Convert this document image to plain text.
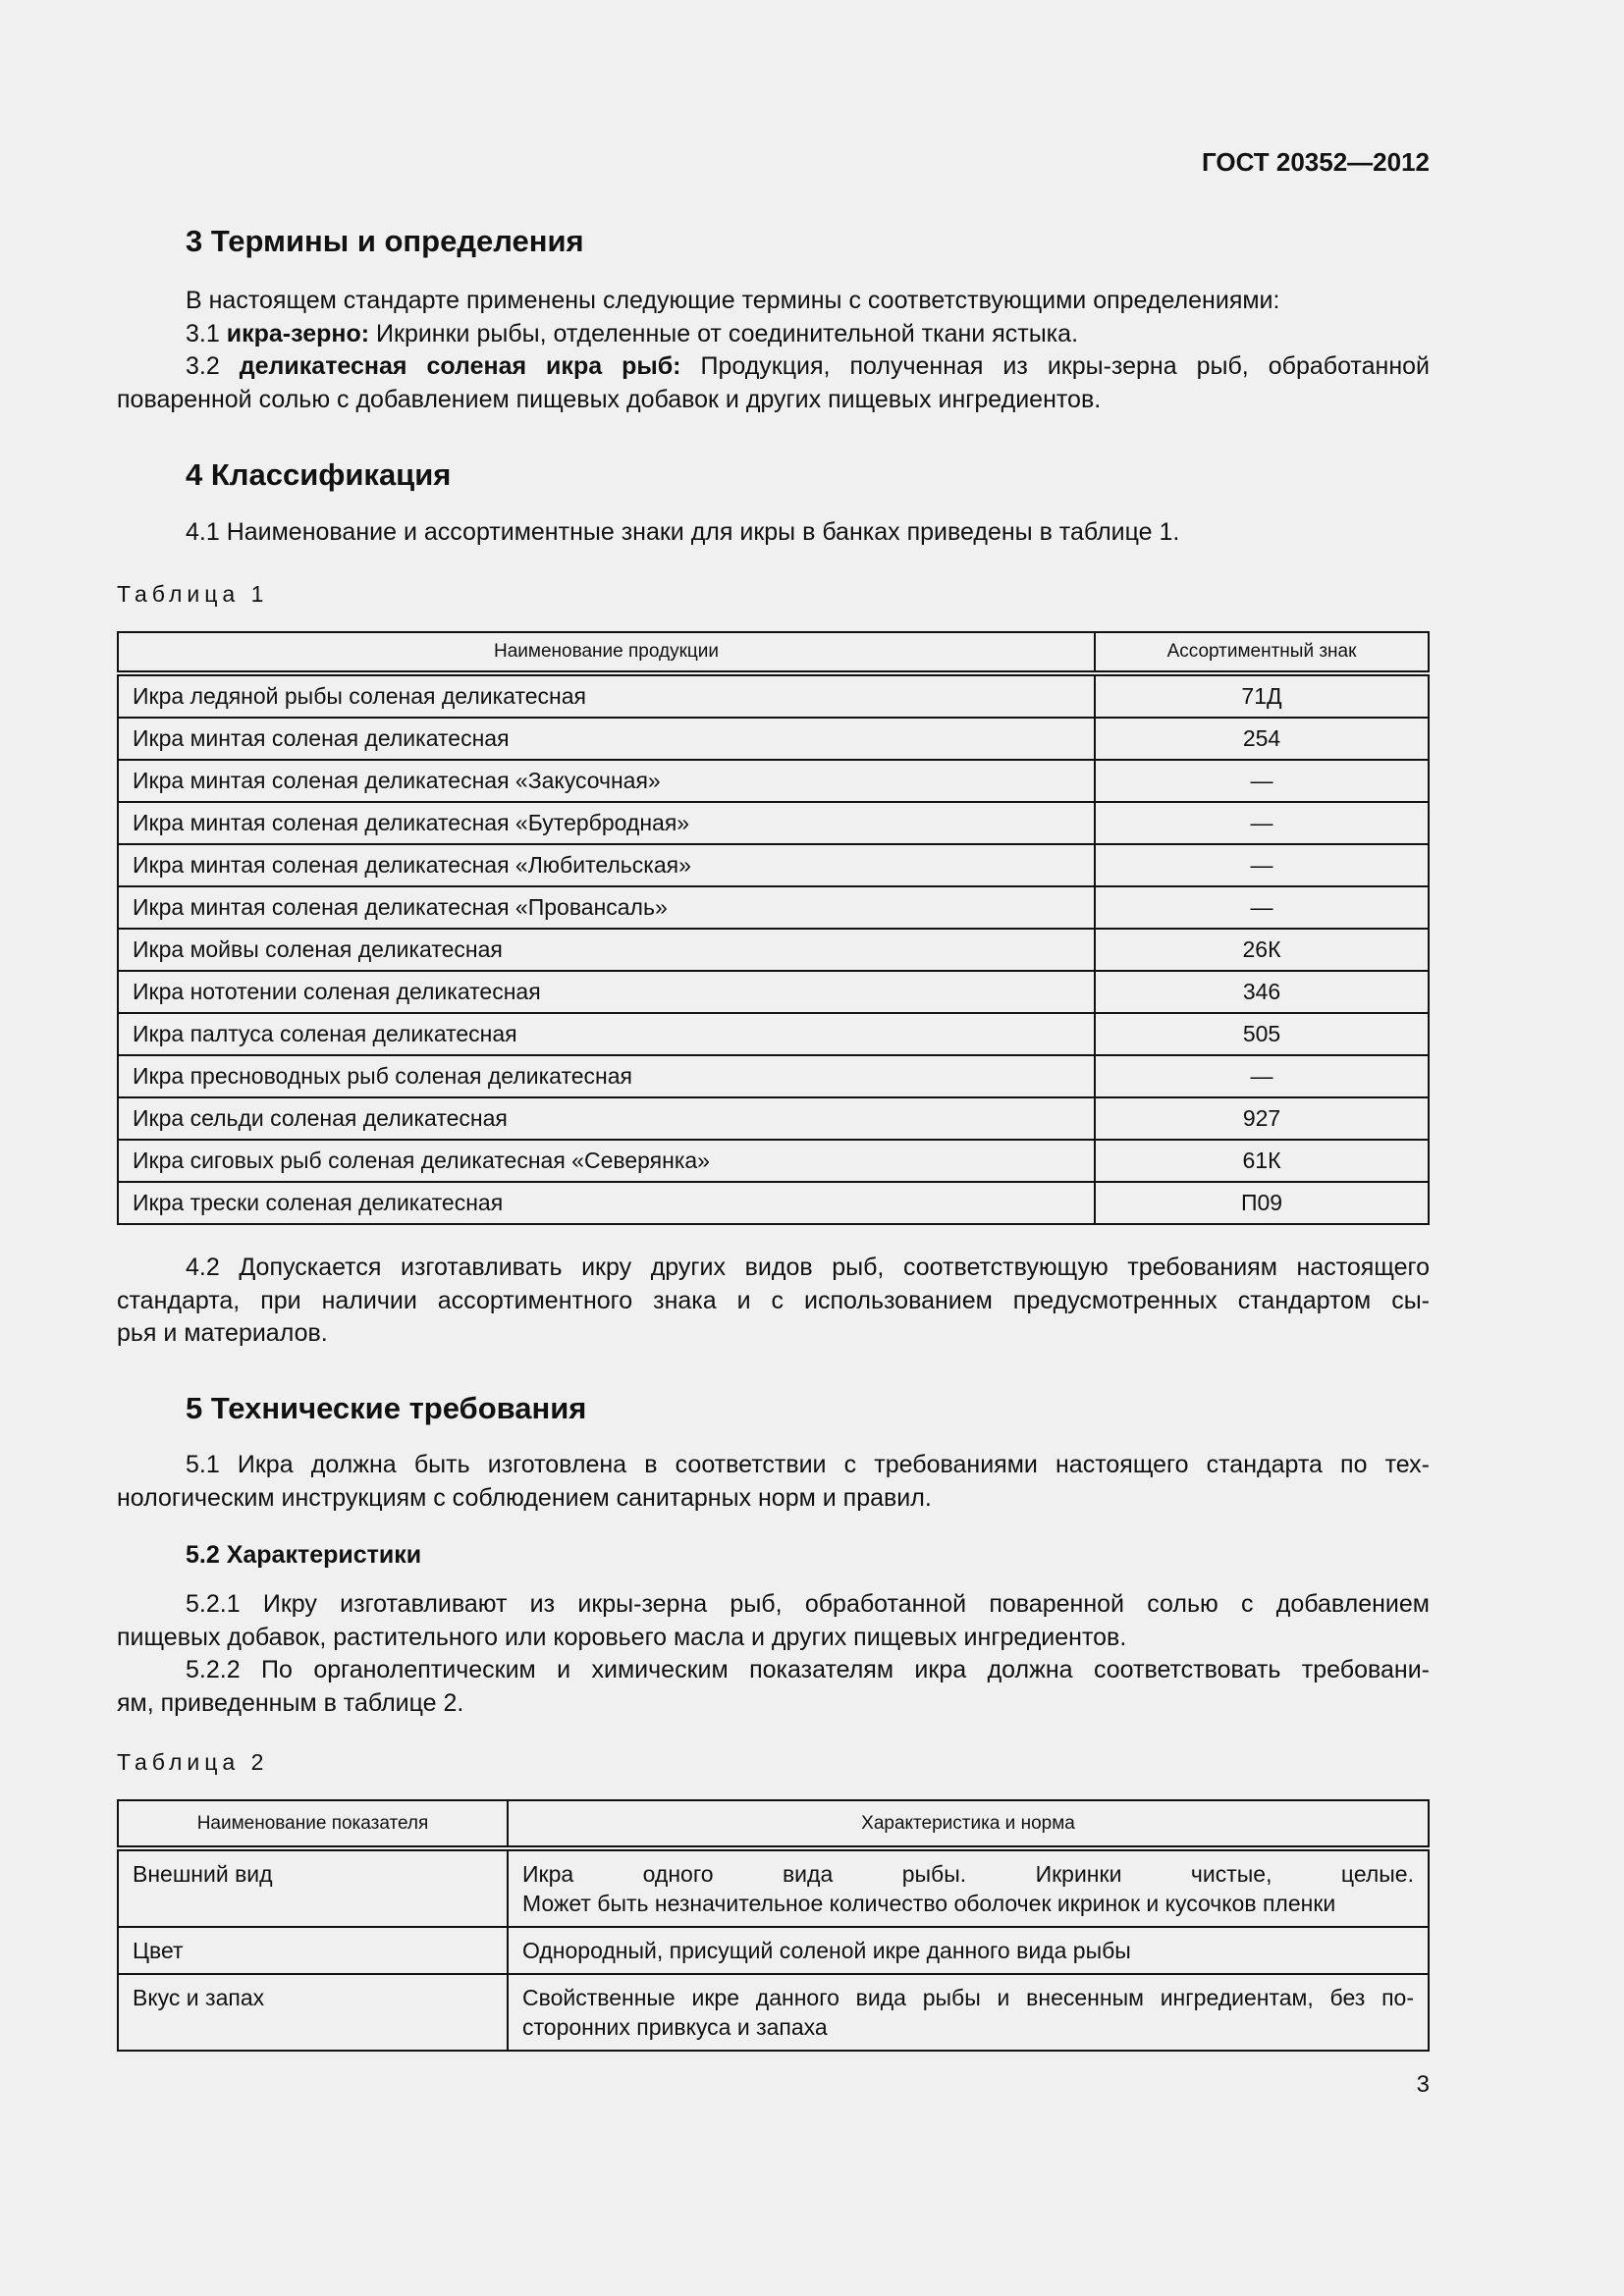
ГОСТ 20352—2012
3 Термины и определения
В настоящем стандарте применены следующие термины с соответствующими определениями:
3.1 икра-зерно: Икринки рыбы, отделенные от соединительной ткани ястыка.
3.2 деликатесная соленая икра рыб: Продукция, полученная из икры-зерна рыб, обработанной
поваренной солью с добавлением пищевых добавок и других пищевых ингредиентов.
4 Классификация
4.1 Наименование и ассортиментные знаки для икры в банках приведены в таблице 1.
Таблица 1
Наименование продукции	Ассортиментный знак
Икра ледяной рыбы соленая деликатесная	71Д
Икра минтая соленая деликатесная	254
Икра минтая соленая деликатесная «Закусочная»	—
Икра минтая соленая деликатесная «Бутербродная»	—
Икра минтая соленая деликатесная «Любительская»	—
Икра минтая соленая деликатесная «Провансаль»	—
Икра мойвы соленая деликатесная	26К
Икра нототении соленая деликатесная	346
Икра палтуса соленая деликатесная	505
Икра пресноводных рыб соленая деликатесная	—
Икра сельди соленая деликатесная	927
Икра сиговых рыб соленая деликатесная «Северянка»	61К
Икра трески соленая деликатесная	П09
4.2 Допускается изготавливать икру других видов рыб, соответствующую требованиям настоящего
стандарта, при наличии ассортиментного знака и с использованием предусмотренных стандартом сы-
рья и материалов.
5 Технические требования
5.1 Икра должна быть изготовлена в соответствии с требованиями настоящего стандарта по тех-
нологическим инструкциям с соблюдением санитарных норм и правил.
5.2 Характеристики
5.2.1 Икру изготавливают из икры-зерна рыб, обработанной поваренной солью с добавлением
пищевых добавок, растительного или коровьего масла и других пищевых ингредиентов.
5.2.2 По органолептическим и химическим показателям икра должна соответствовать требовани-
ям, приведенным в таблице 2.
Таблица 2
Наименование показателя	Характеристика и норма
Внешний вид	Икра одного вида рыбы. Икринки чистые, целые.
Может быть незначительное количество оболочек икринок и кусочков пленки

Цвет	Однородный, присущий соленой икре данного вида рыбы

Вкус и запах	Свойственные икре данного вида рыбы и внесенным ингредиентам, без по-
сторонних привкуса и запаха
3
